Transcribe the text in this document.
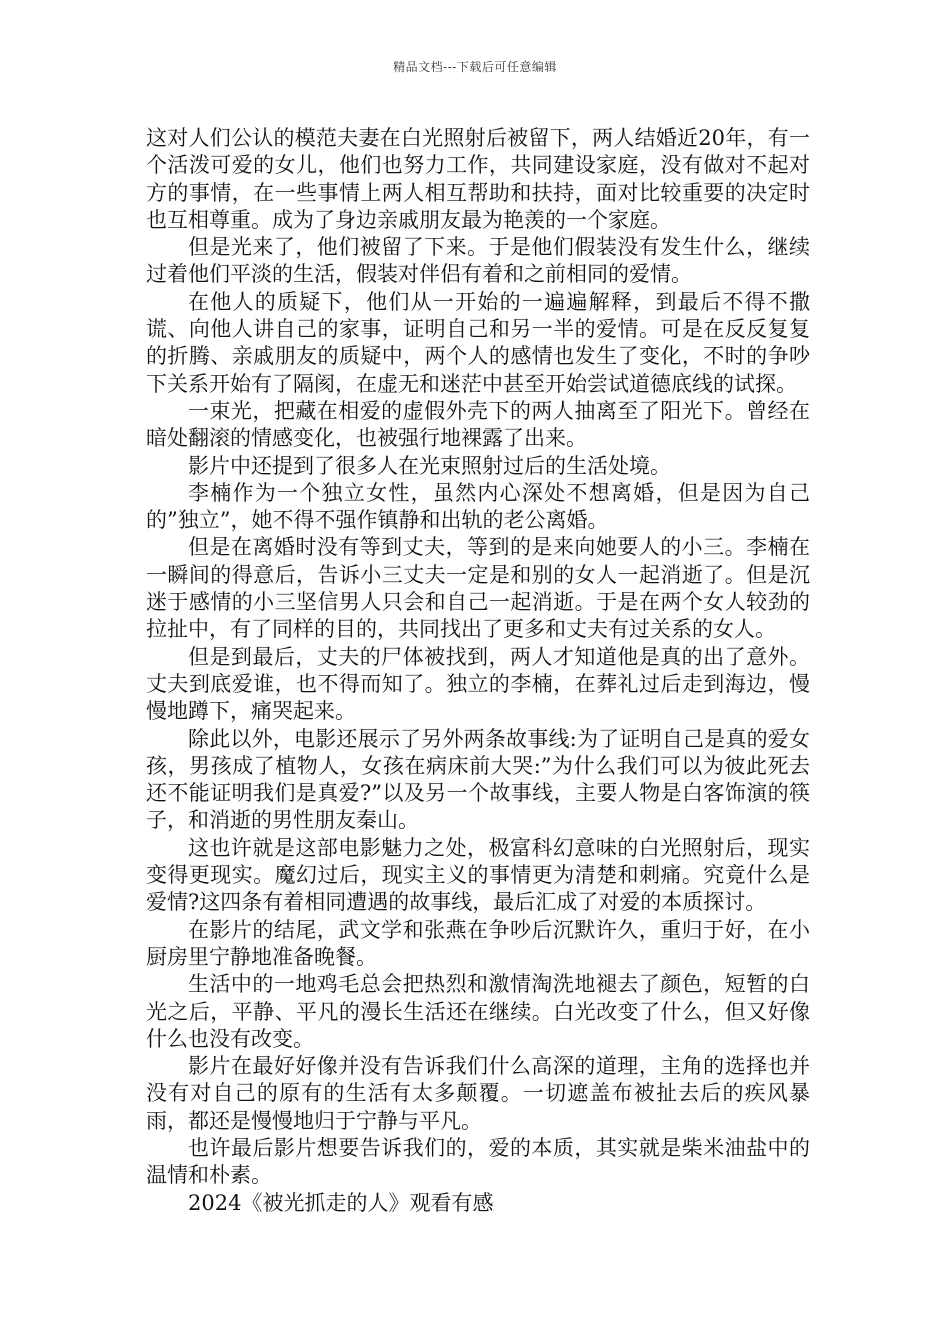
精品文档---下载后可任意编辑

这对人们公认的模范夫妻在白光照射后被留下，两人结婚近20年，有一个活泼可爱的女儿，他们也努力工作，共同建设家庭，没有做对不起对方的事情，在一些事情上两人相互帮助和扶持，面对比较重要的决定时也互相尊重。成为了身边亲戚朋友最为艳羡的一个家庭。

但是光来了，他们被留了下来。于是他们假装没有发生什么，继续过着他们平淡的生活，假装对伴侣有着和之前相同的爱情。

在他人的质疑下，他们从一开始的一遍遍解释，到最后不得不撒谎、向他人讲自己的家事，证明自己和另一半的爱情。可是在反反复复的折腾、亲戚朋友的质疑中，两个人的感情也发生了变化，不时的争吵下关系开始有了隔阂，在虚无和迷茫中甚至开始尝试道德底线的试探。

一束光，把藏在相爱的虚假外壳下的两人抽离至了阳光下。曾经在暗处翻滚的情感变化，也被强行地裸露了出来。

影片中还提到了很多人在光束照射过后的生活处境。

李楠作为一个独立女性，虽然内心深处不想离婚，但是因为自己的”独立”，她不得不强作镇静和出轨的老公离婚。

但是在离婚时没有等到丈夫，等到的是来向她要人的小三。李楠在一瞬间的得意后，告诉小三丈夫一定是和别的女人一起消逝了。但是沉迷于感情的小三坚信男人只会和自己一起消逝。于是在两个女人较劲的拉扯中，有了同样的目的，共同找出了更多和丈夫有过关系的女人。

但是到最后，丈夫的尸体被找到，两人才知道他是真的出了意外。丈夫到底爱谁，也不得而知了。独立的李楠，在葬礼过后走到海边，慢慢地蹲下，痛哭起来。

除此以外，电影还展示了另外两条故事线:为了证明自己是真的爱女孩，男孩成了植物人，女孩在病床前大哭:”为什么我们可以为彼此死去还不能证明我们是真爱?”以及另一个故事线，主要人物是白客饰演的筷子，和消逝的男性朋友秦山。

这也许就是这部电影魅力之处，极富科幻意味的白光照射后，现实变得更现实。魔幻过后，现实主义的事情更为清楚和刺痛。究竟什么是爱情?这四条有着相同遭遇的故事线，最后汇成了对爱的本质探讨。

在影片的结尾，武文学和张燕在争吵后沉默许久，重归于好，在小厨房里宁静地准备晚餐。

生活中的一地鸡毛总会把热烈和激情淘洗地褪去了颜色，短暂的白光之后，平静、平凡的漫长生活还在继续。白光改变了什么，但又好像什么也没有改变。

影片在最好好像并没有告诉我们什么高深的道理，主角的选择也并没有对自己的原有的生活有太多颠覆。一切遮盖布被扯去后的疾风暴雨，都还是慢慢地归于宁静与平凡。

也许最后影片想要告诉我们的，爱的本质，其实就是柴米油盐中的温情和朴素。

2024《被光抓走的人》观看有感
